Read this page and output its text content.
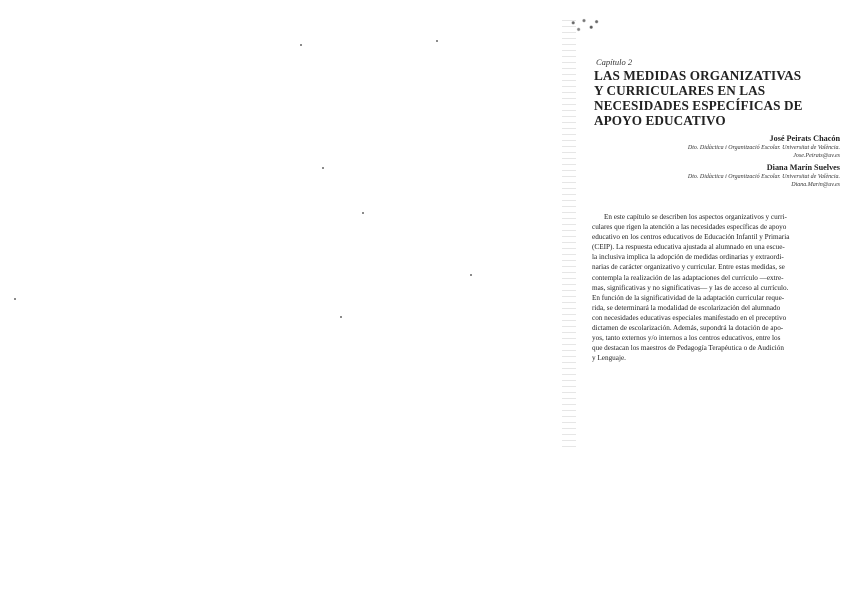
Capítulo 2
LAS MEDIDAS ORGANIZATIVAS
Y CURRICULARES EN LAS
NECESIDADES ESPECÍFICAS DE
APOYO EDUCATIVO
José Peirats Chacón
Dto. Didàctica i Organització Escolar. Universitat de València.
Jose.Peirats@uv.es
Diana Marín Suelves
Dto. Didàctica i Organització Escolar. Universitat de València.
Diana.Marin@uv.es
En este capítulo se describen los aspectos organizativos y curri-
culares que rigen la atención a las necesidades específicas de apoyo
educativo en los centros educativos de Educación Infantil y Primaria
(CEIP). La respuesta educativa ajustada al alumnado en una escue-
la inclusiva implica la adopción de medidas ordinarias y extraordi-
narias de carácter organizativo y curricular. Entre estas medidas, se
contempla la realización de las adaptaciones del currículo —extre-
mas, significativas y no significativas— y las de acceso al currículo.
En función de la significatividad de la adaptación curricular reque-
rida, se determinará la modalidad de escolarización del alumnado
con necesidades educativas especiales manifestado en el preceptivo
dictamen de escolarización. Además, supondrá la dotación de apo-
yos, tanto externos y/o internos a los centros educativos, entre los
que destacan los maestros de Pedagogía Terapéutica o de Audición
y Lenguaje.
